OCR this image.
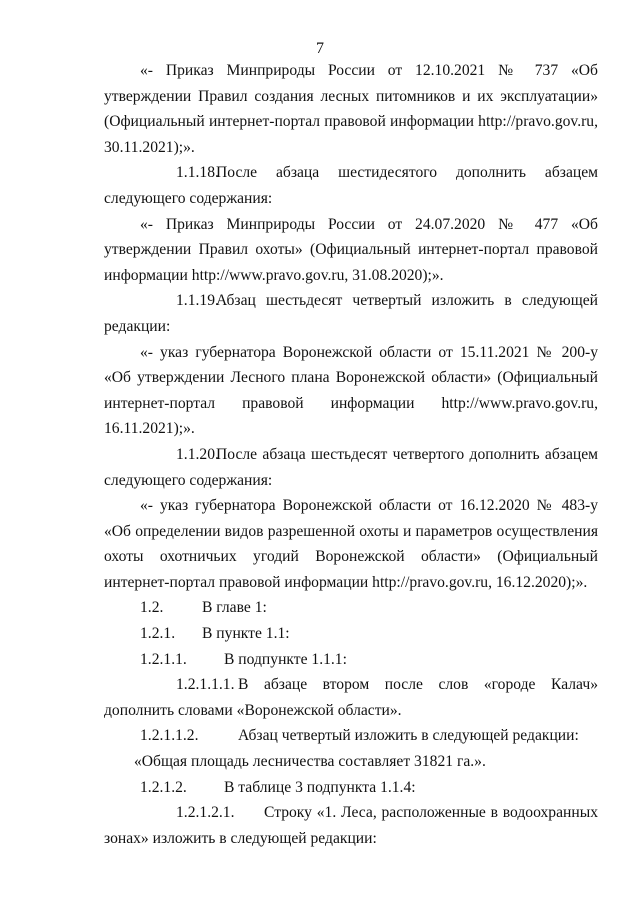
7

«- Приказ Минприроды России от 12.10.2021 № 737 «Об утверждении Правил создания лесных питомников и их эксплуатации» (Официальный интернет-портал правовой информации http://pravo.gov.ru, 30.11.2021);».

1.1.18.После абзаца шестидесятого дополнить абзацем следующего содержания:

«- Приказ Минприроды России от 24.07.2020 № 477 «Об утверждении Правил охоты» (Официальный интернет-портал правовой информации http://www.pravo.gov.ru, 31.08.2020);».

1.1.19.Абзац шестьдесят четвертый изложить в следующей редакции:

«- указ губернатора Воронежской области от 15.11.2021 № 200-у «Об утверждении Лесного плана Воронежской области» (Официальный интернет-портал правовой информации http://www.pravo.gov.ru, 16.11.2021);».

1.1.20.После абзаца шестьдесят четвертого дополнить абзацем следующего содержания:

«- указ губернатора Воронежской области от 16.12.2020 № 483-у «Об определении видов разрешенной охоты и параметров осуществления охоты охотничьих угодий Воронежской области» (Официальный интернет-портал правовой информации http://pravo.gov.ru, 16.12.2020);».

1.2. В главе 1:

1.2.1. В пункте 1.1:

1.2.1.1. В подпункте 1.1.1:

1.2.1.1.1. В абзаце втором после слов «городе Калач» дополнить словами «Воронежской области».

1.2.1.1.2.	Абзац четвертый изложить в следующей редакции:

«Общая площадь лесничества составляет 31821 га.».

1.2.1.2. В таблице 3 подпункта 1.1.4:

1.2.1.2.1. Строку «1. Леса, расположенные в водоохранных зонах» изложить в следующей редакции:
